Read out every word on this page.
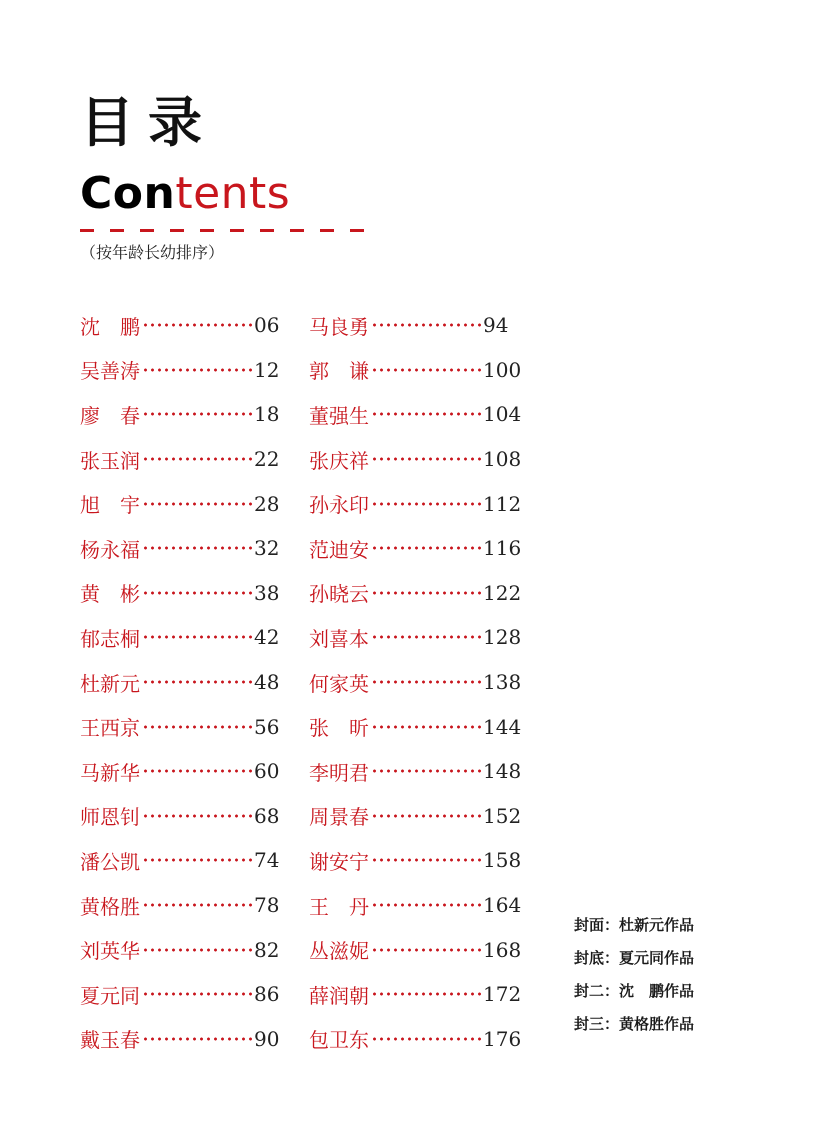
目录
Contents
（按年龄长幼排序）
沈　鹏	06
吴善涛	12
廖　春	18
张玉润	22
旭　宇	28
杨永福	32
黄　彬	38
郁志桐	42
杜新元	48
王西京	56
马新华	60
师恩钊	68
潘公凯	74
黄格胜	78
刘英华	82
夏元同	86
戴玉春	90
马良勇	94
郭　谦	100
董强生	104
张庆祥	108
孙永印	112
范迪安	116
孙晓云	122
刘喜本	128
何家英	138
张　昕	144
李明君	148
周景春	152
谢安宁	158
王　丹	164
丛滋妮	168
薛润朝	172
包卫东	176
封面：杜新元作品
封底：夏元同作品
封二：沈　鹏作品
封三：黄格胜作品
